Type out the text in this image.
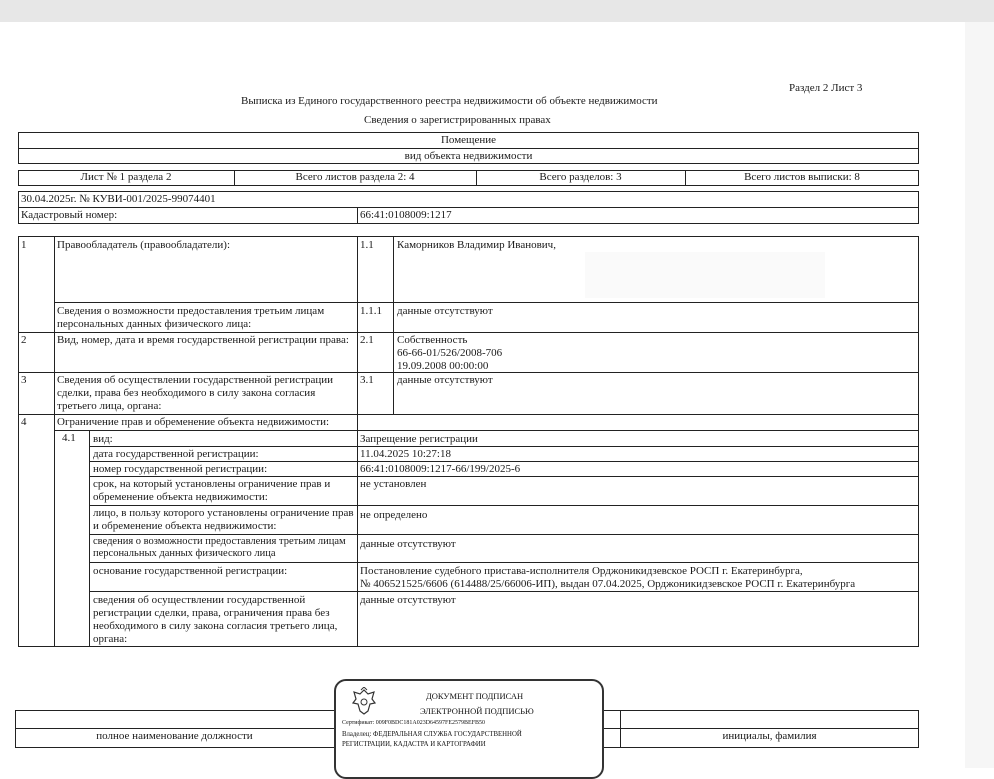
Раздел 2 Лист 3
Выписка из Единого государственного реестра недвижимости об объекте недвижимости
Сведения о зарегистрированных правах
Помещение
вид объекта недвижимости
Лист № 1 раздела 2	Всего листов раздела 2: 4	Всего разделов: 3	Всего листов выписки: 8
30.04.2025г. № КУВИ-001/2025-99074401
Кадастровый номер:	66:41:0108009:1217
1	Правообладатель (правообладатели):	1.1 Каморников Владимир Иванович,
Сведения о возможности предоставления третьим лицам персональных данных физического лица:
1.1.1 данные отсутствуют
2	Вид, номер, дата и время государственной регистрации права:	2.1 Собственность
66-66-01/526/2008-706
19.09.2008 00:00:00
3	Сведения об осуществлении государственной регистрации сделки, права без необходимого в силу закона согласия третьего лица, органа:
3.1 данные отсутствуют
4	Ограничение прав и обременение объекта недвижимости:
4.1 вид:	Запрещение регистрации
дата государственной регистрации:	11.04.2025 10:27:18
номер государственной регистрации:	66:41:0108009:1217-66/199/2025-6
срок, на который установлены ограничение прав и обременение объекта недвижимости:
не установлен
лицо, в пользу которого установлены ограничение прав и обременение объекта недвижимости:
не определено
сведения о возможности предоставления третьим лицам персональных данных физического лица
данные отсутствуют
основание государственной регистрации:	Постановление судебного пристава-исполнителя Орджоникидзевское РОСП г. Екатеринбурга,
№ 406521525/6606 (614488/25/66006-ИП), выдан 07.04.2025, Орджоникидзевское РОСП г. Екатеринбурга
сведения об осуществлении государственной регистрации сделки, права, ограничения права без необходимого в силу закона согласия третьего лица, органа:
данные отсутствуют
полное наименование должности	инициалы, фамилия
ДОКУМЕНТ ПОДПИСАН
ЭЛЕКТРОННОЙ ПОДПИСЬЮ
Сертификат: 009F0BDC181A023D64597FE2579BEFB50
Владелец: ФЕДЕРАЛЬНАЯ СЛУЖБА ГОСУДАРСТВЕННОЙ
РЕГИСТРАЦИИ, КАДАСТРА И КАРТОГРАФИИ
